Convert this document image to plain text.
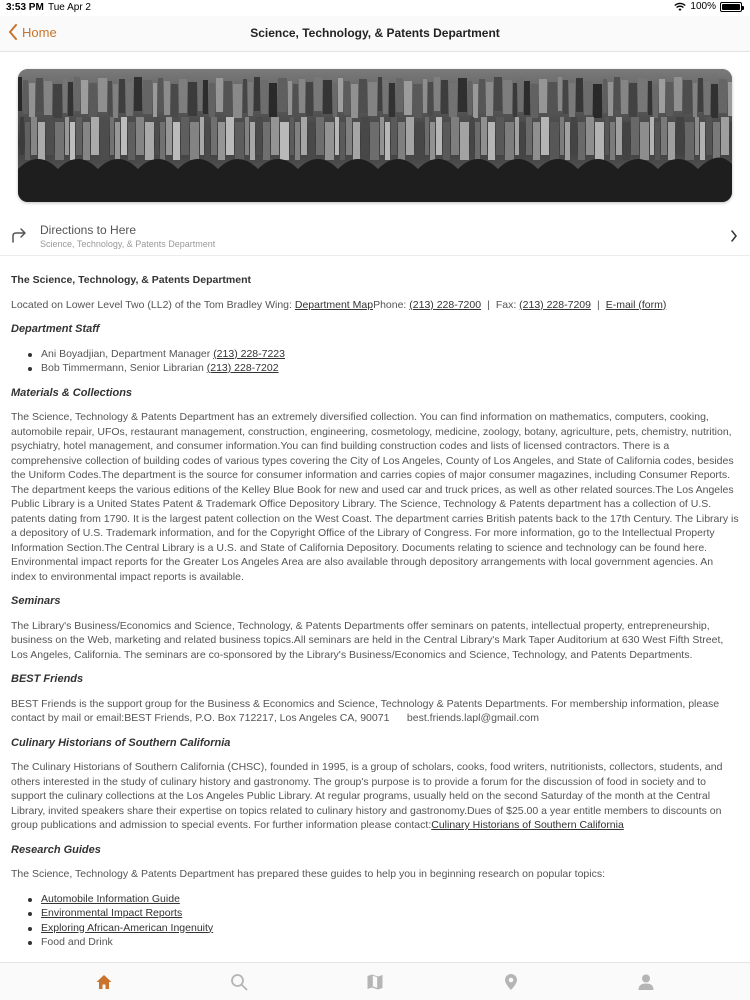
3:53 PM Tue Apr 2	100%
Home	Science, Technology, & Patents Department
Directions to Here
Science, Technology, & Patents Department
The Science, Technology, & Patents Department

Located on Lower Level Two (LL2) of the Tom Bradley Wing: Department MapPhone: (213) 228-7200 | Fax: (213) 228-7209 | E-mail (form)

Department Staff
Ani Boyadjian, Department Manager (213) 228-7223
Bob Timmermann, Senior Librarian (213) 228-7202
Materials & Collections

The Science, Technology & Patents Department has an extremely diversified collection. You can find information on mathematics, computers, cooking, automobile repair, UFOs, restaurant management, construction, engineering, cosmetology, medicine, zoology, botany, agriculture, pets, chemistry, nutrition, psychiatry, hotel management, and consumer information.You can find building construction codes and lists of licensed contractors. There is a comprehensive collection of building codes of various types covering the City of Los Angeles, County of Los Angeles, and State of California codes, besides the Uniform Codes.The department is the source for consumer information and carries copies of major consumer magazines, including Consumer Reports. The department keeps the various editions of the Kelley Blue Book for new and used car and truck prices, as well as other related sources.The Los Angeles Public Library is a United States Patent & Trademark Office Depository Library. The Science, Technology & Patents department has a collection of U.S. patents dating from 1790. It is the largest patent collection on the West Coast. The department carries British patents back to the 17th Century. The Library is a depository of U.S. Trademark information, and for the Copyright Office of the Library of Congress. For more information, go to the Intellectual Property Information Section.The Central Library is a U.S. and State of California Depository. Documents relating to science and technology can be found here. Environmental impact reports for the Greater Los Angeles Area are also available through depository arrangements with local government agencies. An index to environmental impact reports is available.

Seminars

The Library's Business/Economics and Science, Technology, & Patents Departments offer seminars on patents, intellectual property, entrepreneurship, business on the Web, marketing and related business topics.All seminars are held in the Central Library's Mark Taper Auditorium at 630 West Fifth Street, Los Angeles, California. The seminars are co-sponsored by the Library's Business/Economics and Science, Technology, and Patents Departments.

BEST Friends

BEST Friends is the support group for the Business & Economics and Science, Technology & Patents Departments. For membership information, please contact by mail or email:BEST Friends, P.O. Box 712217, Los Angeles CA, 90071      best.friends.lapl@gmail.com

Culinary Historians of Southern California

The Culinary Historians of Southern California (CHSC), founded in 1995, is a group of scholars, cooks, food writers, nutritionists, collectors, students, and others interested in the study of culinary history and gastronomy. The group's purpose is to provide a forum for the discussion of food in society and to support the culinary collections at the Los Angeles Public Library. At regular programs, usually held on the second Saturday of the month at the Central Library, invited speakers share their expertise on topics related to culinary history and gastronomy.Dues of $25.00 a year entitle members to discounts on group publications and admission to special events. For further information please contact:Culinary Historians of Southern California

Research Guides

The Science, Technology & Patents Department has prepared these guides to help you in beginning research on popular topics:

Automobile Information Guide
Environmental Impact Reports
Exploring African-American Ingenuity
Food and Drink
